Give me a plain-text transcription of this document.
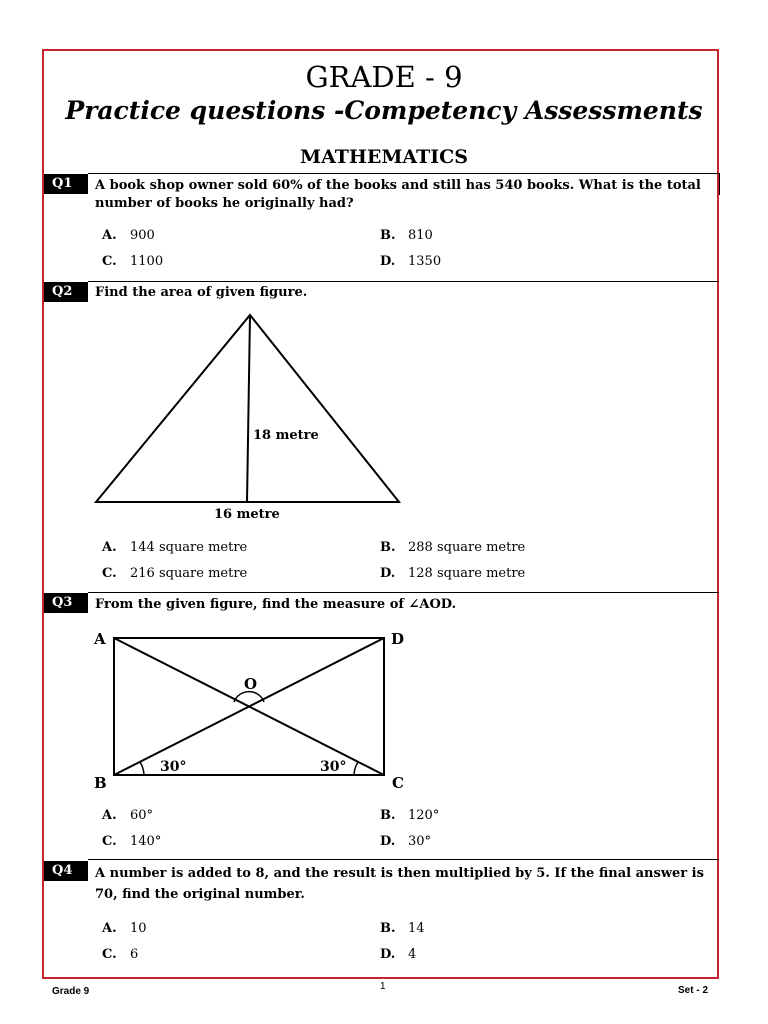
GRADE - 9
Practice questions -Competency Assessments
MATHEMATICS
Q1	A book shop owner sold 60% of the books and still has 540 books. What is the total number of books he originally had?
A. 900	B. 810
C. 1100	D. 1350
Q2	Find the area of given figure.
18 metre
16 metre
A. 144 square metre	B. 288 square metre
C. 216 square metre	D. 128 square metre
Q3	From the given figure, find the measure of ∠AOD.
A	D
O
B	C
30°	30°
A. 60°	B. 120°
C. 140°	D. 30°
Q4	A number is added to 8, and the result is then multiplied by 5. If the final answer is 70, find the original number.
A. 10	B. 14
C. 6	D. 4
Grade 9	1	Set - 2
